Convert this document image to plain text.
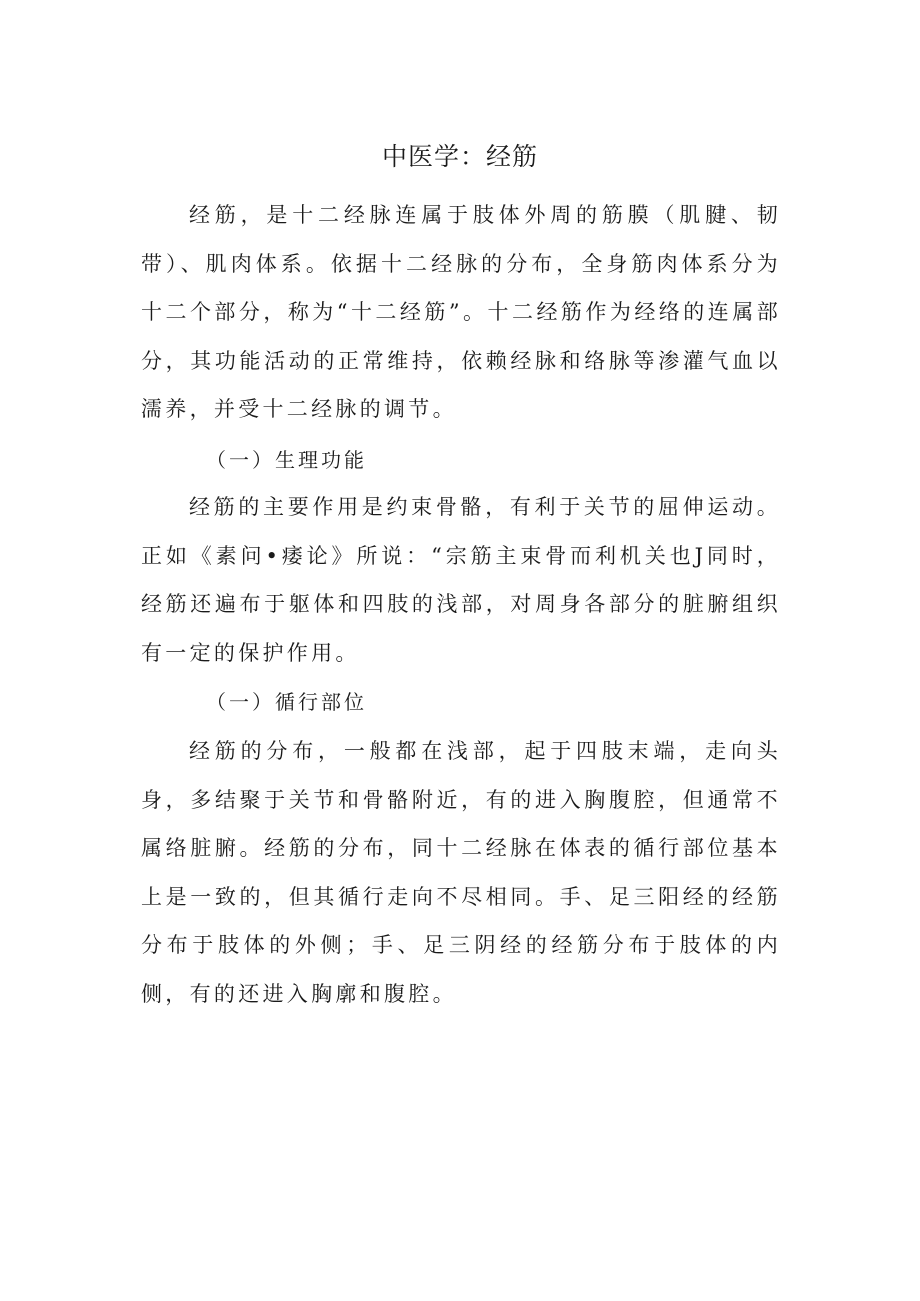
中医学：经筋

经筋，是十二经脉连属于肢体外周的筋膜（肌腱、韧带）、肌肉体系。依据十二经脉的分布，全身筋肉体系分为十二个部分，称为“十二经筋”。十二经筋作为经络的连属部分，其功能活动的正常维持，依赖经脉和络脉等渗灌气血以濡养，并受十二经脉的调节。

（一）生理功能

经筋的主要作用是约束骨骼，有利于关节的屈伸运动。正如《素问•痿论》所说：“宗筋主束骨而利机关也J同时，经筋还遍布于躯体和四肢的浅部，对周身各部分的脏腑组织有一定的保护作用。

（一）循行部位

经筋的分布，一般都在浅部，起于四肢末端，走向头身，多结聚于关节和骨骼附近，有的进入胸腹腔，但通常不属络脏腑。经筋的分布，同十二经脉在体表的循行部位基本上是一致的，但其循行走向不尽相同。手、足三阳经的经筋分布于肢体的外侧；手、足三阴经的经筋分布于肢体的内侧，有的还进入胸廓和腹腔。
